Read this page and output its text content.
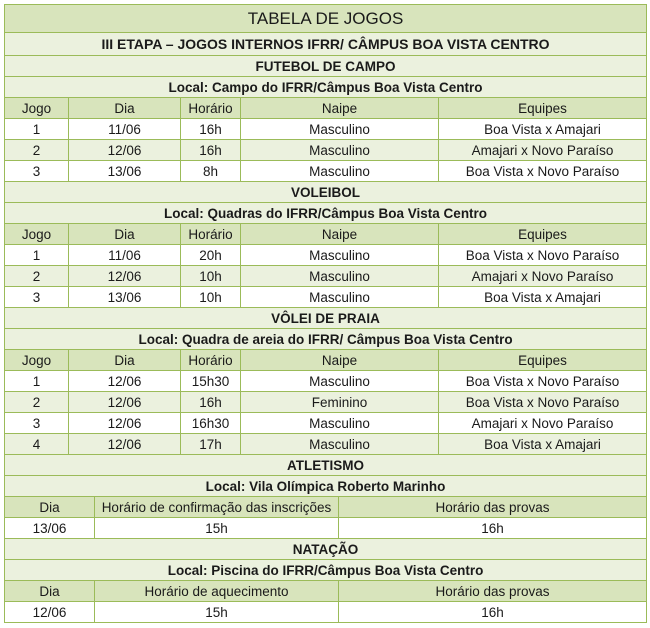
TABELA DE JOGOS						
III ETAPA – JOGOS INTERNOS IFRR/ CÂMPUS BOA VISTA CENTRO						
FUTEBOL DE CAMPO						
Local: Campo do IFRR/Câmpus Boa Vista Centro						
Jogo	Dia		Horário	Naipe		Equipes
1	11/06		16h	Masculino		Boa Vista x Amajari
2	12/06		16h	Masculino		Amajari x Novo Paraíso
3	13/06		8h	Masculino		Boa Vista x Novo Paraíso
VOLEIBOL						
Local: Quadras do IFRR/Câmpus Boa Vista Centro						
Jogo	Dia		Horário	Naipe		Equipes
1	11/06		20h	Masculino		Boa Vista x Novo Paraíso
2	12/06		10h	Masculino		Amajari x Novo Paraíso
3	13/06		10h	Masculino		Boa Vista x Amajari
VÔLEI DE PRAIA						
Local: Quadra de areia do IFRR/ Câmpus Boa Vista Centro						
Jogo	Dia		Horário	Naipe		Equipes
1	12/06		15h30	Masculino		Boa Vista x Novo Paraíso
2	12/06		16h	Feminino		Boa Vista x Novo Paraíso
3	12/06		16h30	Masculino		Amajari x Novo Paraíso
4	12/06		17h	Masculino		Boa Vista x Amajari
ATLETISMO						
Local: Vila Olímpica Roberto Marinho						
Dia		Horário de confirmação das inscrições			Horário das provas	
13/06		15h			16h	
NATAÇÃO						
Local: Piscina do IFRR/Câmpus Boa Vista Centro						
Dia		Horário de aquecimento			Horário das provas	
12/06		15h			16h	
